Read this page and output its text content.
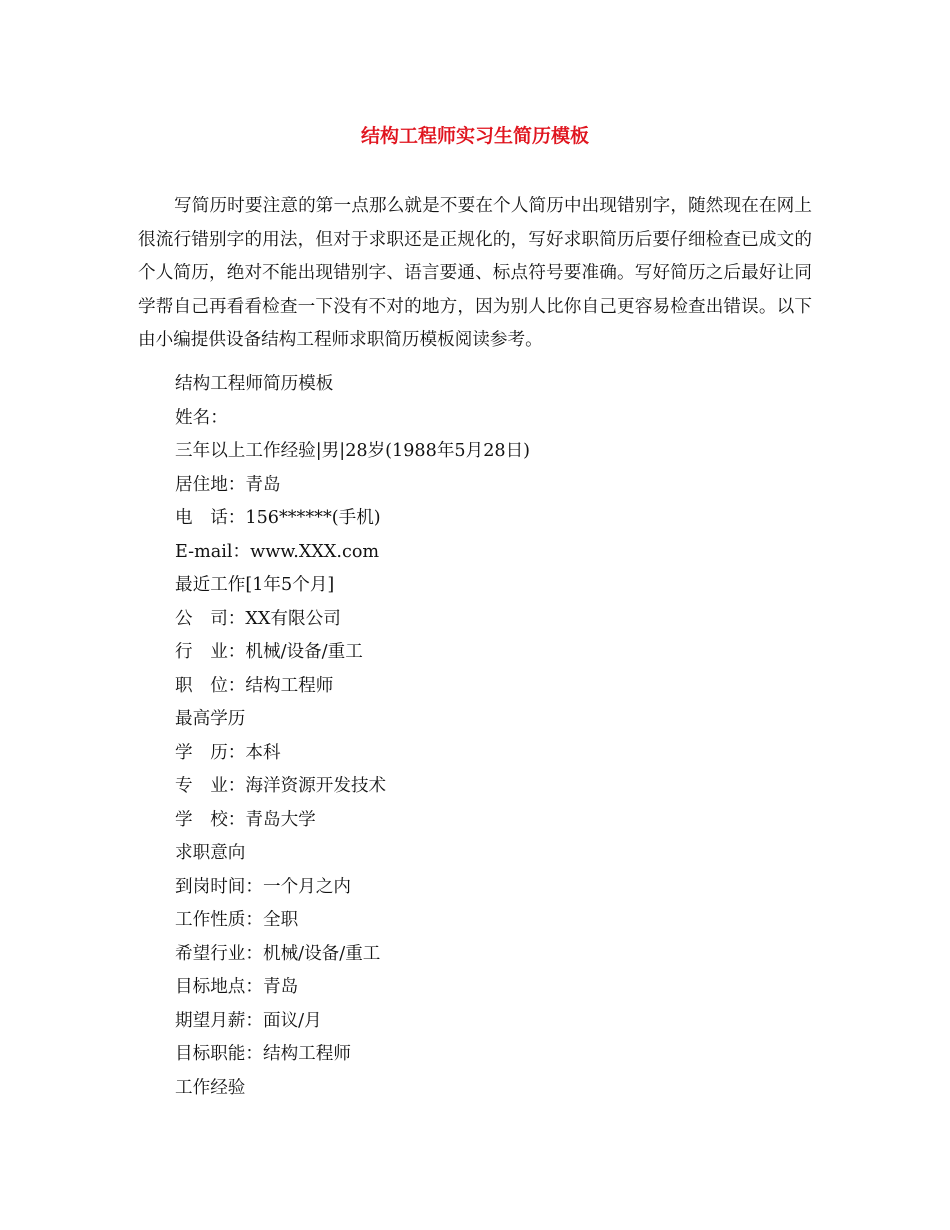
结构工程师实习生简历模板

写简历时要注意的第一点那么就是不要在个人简历中出现错别字，随然现在在网上很流行错别字的用法，但对于求职还是正规化的，写好求职简历后要仔细检查已成文的个人简历，绝对不能出现错别字、语言要通、标点符号要准确。写好简历之后最好让同学帮自己再看看检查一下没有不对的地方，因为别人比你自己更容易检查出错误。以下由小编提供设备结构工程师求职简历模板阅读参考。

结构工程师简历模板
姓名：
三年以上工作经验|男|28岁(1988年5月28日)
居住地：青岛
电　话：156******(手机)
E-mail：www.XXX.com
最近工作[1年5个月]
公　司：XX有限公司
行　业：机械/设备/重工
职　位：结构工程师
最高学历
学　历：本科
专　业：海洋资源开发技术
学　校：青岛大学
求职意向
到岗时间：一个月之内
工作性质：全职
希望行业：机械/设备/重工
目标地点：青岛
期望月薪：面议/月
目标职能：结构工程师
工作经验
